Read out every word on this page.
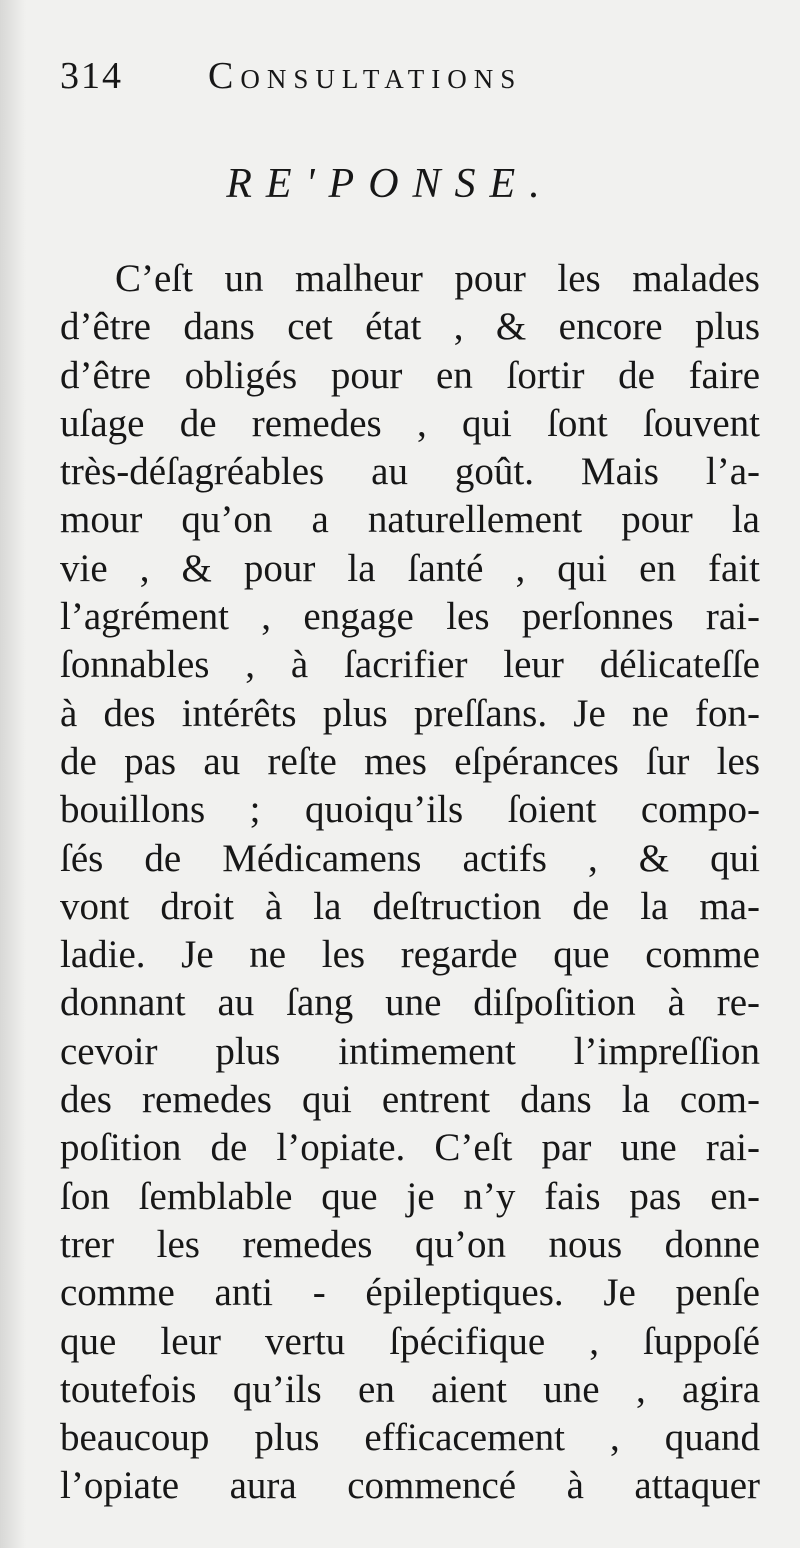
314 Consultations
RE'PONSE.
C’eſt un malheur pour les malades
d’être dans cet état , & encore plus
d’être obligés pour en ſortir de faire
uſage de remedes , qui ſont ſouvent
très-déſagréables au goût. Mais l’a-
mour qu’on a naturellement pour la
vie , & pour la ſanté , qui en fait
l’agrément , engage les perſonnes rai-
ſonnables , à ſacrifier leur délicateſſe
à des intérêts plus preſſans. Je ne fon-
de pas au reſte mes eſpérances ſur les
bouillons ; quoiqu’ils ſoient compo-
ſés de Médicamens actifs , & qui
vont droit à la deſtruction de la ma-
ladie. Je ne les regarde que comme
donnant au ſang une diſpoſition à re-
cevoir plus intimement l’impreſſion
des remedes qui entrent dans la com-
poſition de l’opiate. C’eſt par une rai-
ſon ſemblable que je n’y fais pas en-
trer les remedes qu’on nous donne
comme anti - épileptiques. Je penſe
que leur vertu ſpécifique , ſuppoſé
toutefois qu’ils en aient une , agira
beaucoup plus efficacement , quand
l’opiate aura commencé à attaquer
